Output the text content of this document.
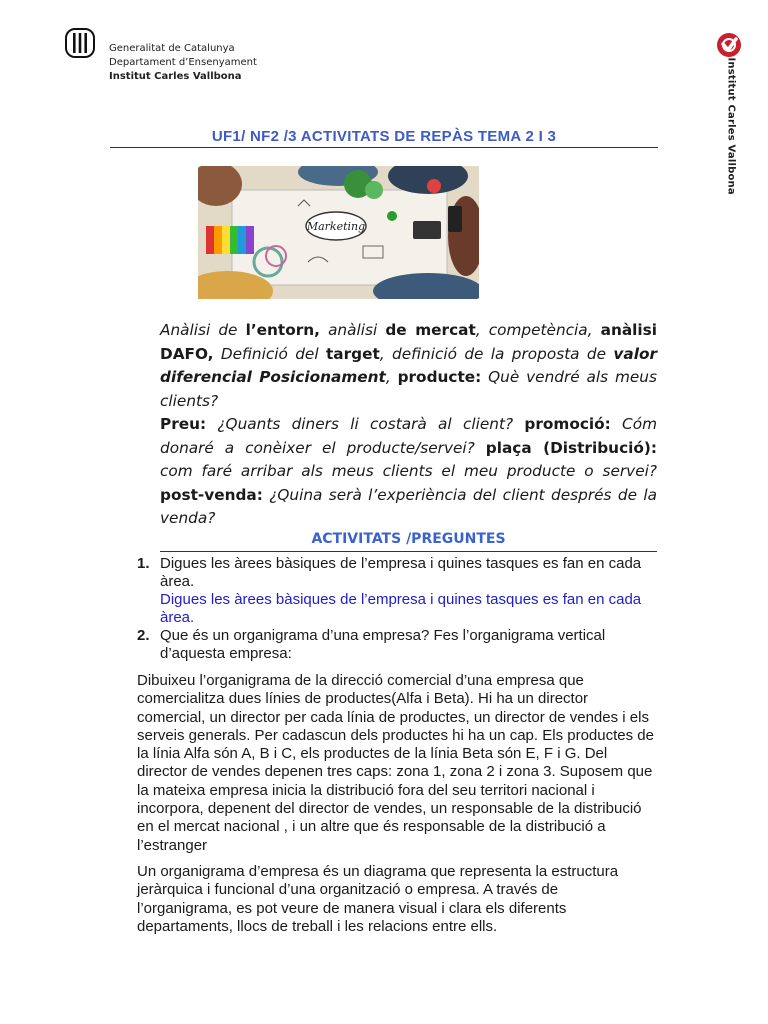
Generalitat de Catalunya
Departament d’Ensenyament
Institut Carles Vallbona	Institut Carles Vallbona
UF1/ NF2 /3 ACTIVITATS DE REPÀS TEMA 2 I 3
Marketing
Anàlisi de l’entorn, anàlisi de mercat, competència, anàlisi DAFO, Definició del target, definició de la proposta de valor diferencial Posicionament, producte: Què vendré als meus clients?
Preu: ¿Quants diners li costarà al client? promoció: Cóm donaré a conèixer el producte/servei? plaça (Distribució): com faré arribar als meus clients el meu producte o servei? post-venda: ¿Quina serà l’experiència del client després de la venda?
ACTIVITATS /PREGUNTES
1. Digues les àrees bàsiques de l’empresa i quines tasques es fan en cada àrea.
Digues les àrees bàsiques de l’empresa i quines tasques es fan en cada àrea.
2. Que és un organigrama d’una empresa? Fes l’organigrama vertical d’aquesta empresa:
Dibuixeu l’organigrama de la direcció comercial d’una empresa que comercialitza dues línies de productes(Alfa i Beta). Hi ha un director comercial, un director per cada línia de productes, un director de vendes i els serveis generals. Per cadascun dels productes hi ha un cap. Els productes de la línia Alfa són A, B i C, els productes de la línia Beta són E, F i G. Del director de vendes depenen tres caps: zona 1, zona 2 i zona 3. Suposem que la mateixa empresa inicia la distribució fora del seu territori nacional i incorpora, depenent del director de vendes, un responsable de la distribució en el mercat nacional , i un altre que és responsable de la distribució a l’estranger
Un organigrama d’empresa és un diagrama que representa la estructura jeràrquica i funcional d’una organització o empresa. A través de l’organigrama, es pot veure de manera visual i clara els diferents departaments, llocs de treball i les relacions entre ells.
